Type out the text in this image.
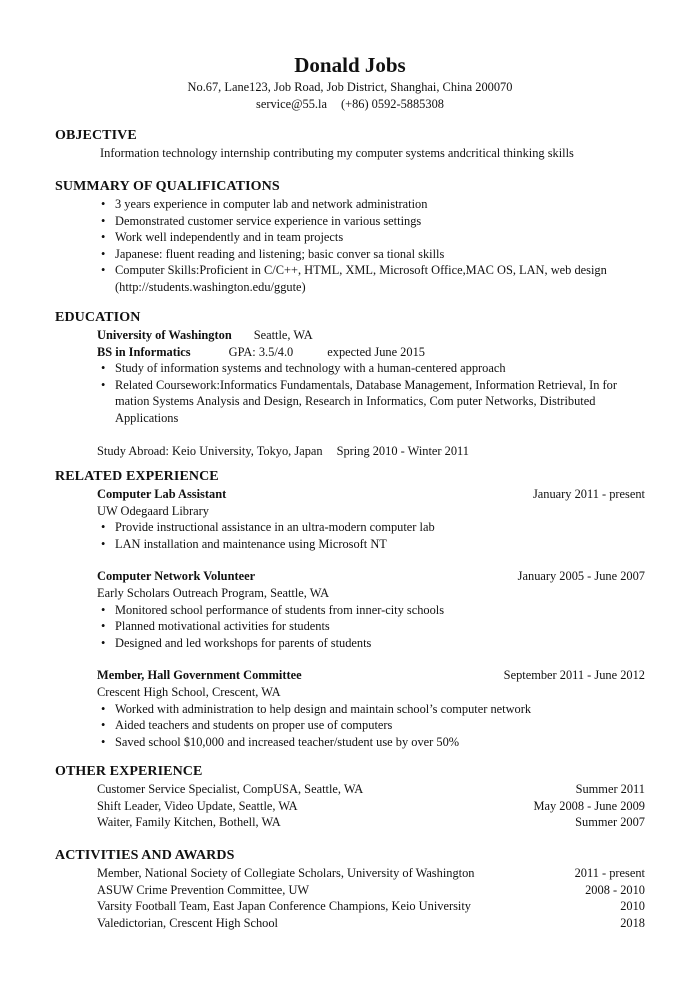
Donald Jobs
No.67, Lane123, Job Road, Job District, Shanghai, China 200070
service@55.la (+86) 0592-5885308
OBJECTIVE
Information technology internship contributing my computer systems andcritical thinking skills
SUMMARY OF QUALIFICATIONS
• 3 years experience in computer lab and network administration
• Demonstrated customer service experience in various settings
• Work well independently and in team projects
• Japanese: fluent reading and listening; basic conver sa tional skills
• Computer Skills:Proficient in C/C++, HTML, XML, Microsoft Office,MAC OS, LAN, web design (http://students.washington.edu/ggute)
EDUCATION
University of Washington Seattle, WA
BS in Informatics	GPA: 3.5/4.0	expected June 2015
• Study of information systems and technology with a human-centered approach
• Related Coursework:Informatics Fundamentals, Database Management, Information Retrieval, In for mation Systems Analysis and Design, Research in Informatics, Com puter Networks, Distributed Applications
Study Abroad: Keio University, Tokyo, Japan Spring 2010 - Winter 2011
RELATED EXPERIENCE
Computer Lab Assistant	January 2011 - present
UW Odegaard Library
• Provide instructional assistance in an ultra-modern computer lab
• LAN installation and maintenance using Microsoft NT
Computer Network Volunteer	January 2005 - June 2007
Early Scholars Outreach Program, Seattle, WA
• Monitored school performance of students from inner-city schools
• Planned motivational activities for students
• Designed and led workshops for parents of students
Member, Hall Government Committee	September 2011 - June 2012
Crescent High School, Crescent, WA
• Worked with administration to help design and maintain school’s computer network
• Aided teachers and students on proper use of computers
• Saved school $10,000 and increased teacher/student use by over 50%
OTHER EXPERIENCE
Customer Service Specialist, CompUSA, Seattle, WA	Summer 2011
Shift Leader, Video Update, Seattle, WA	May 2008 - June 2009
Waiter, Family Kitchen, Bothell, WA	Summer 2007
ACTIVITIES AND AWARDS
Member, National Society of Collegiate Scholars, University of Washington	2011 - present
ASUW Crime Prevention Committee, UW	2008 - 2010
Varsity Football Team, East Japan Conference Champions, Keio University	2010
Valedictorian, Crescent High School	2018
